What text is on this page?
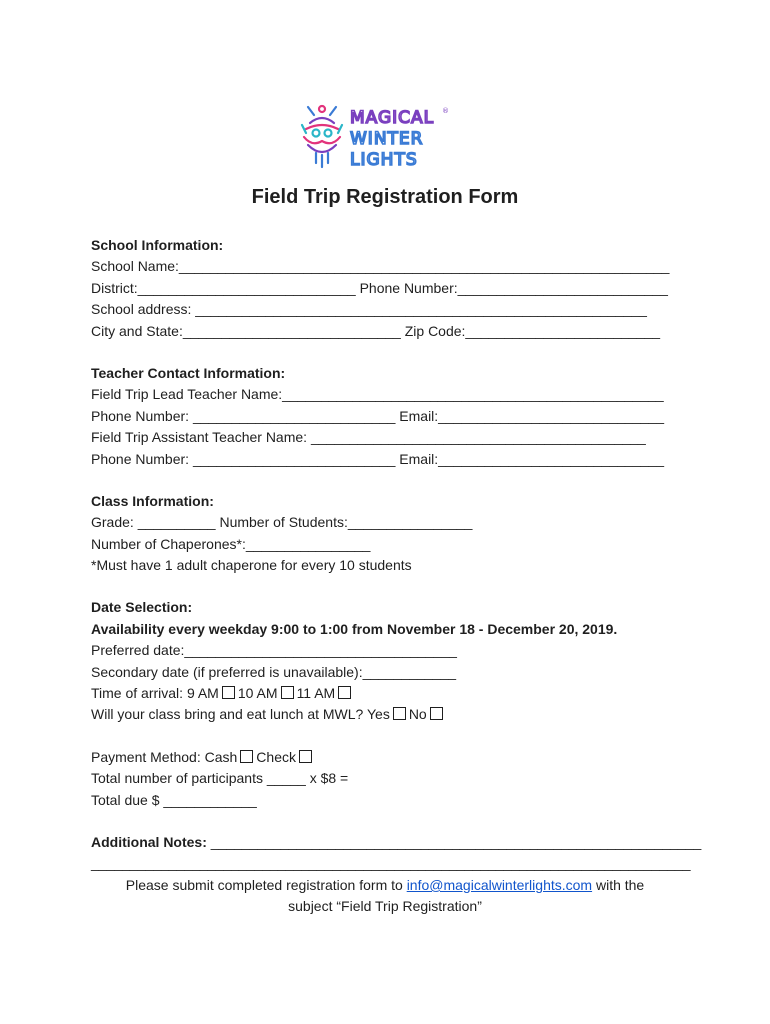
MAGICAL
WINTER
LIGHTS
®
Field Trip Registration Form
School Information:
School Name:_______________________________________________________________
District:____________________________ Phone Number:___________________________
School address: __________________________________________________________
City and State:____________________________ Zip Code:_________________________
Teacher Contact Information:
Field Trip Lead Teacher Name:_________________________________________________
Phone Number: __________________________ Email:_____________________________
Field Trip Assistant Teacher Name: ___________________________________________
Phone Number: __________________________ Email:_____________________________
Class Information:
Grade: __________ Number of Students:________________
Number of Chaperones*:________________
*Must have 1 adult chaperone for every 10 students
Date Selection:
Availability every weekday 9:00 to 1:00 from November 18 - December 20, 2019.
Preferred date:___________________________________
Secondary date (if preferred is unavailable):____________
Time of arrival: 9 AM 10 AM 11 AM
Will your class bring and eat lunch at MWL? Yes No
Payment Method: Cash Check
Total number of participants _____ x $8 =
Total due $ ____________
Additional Notes: _______________________________________________________________
_____________________________________________________________________________
Please submit completed registration form to info@magicalwinterlights.com with the
subject “Field Trip Registration”
